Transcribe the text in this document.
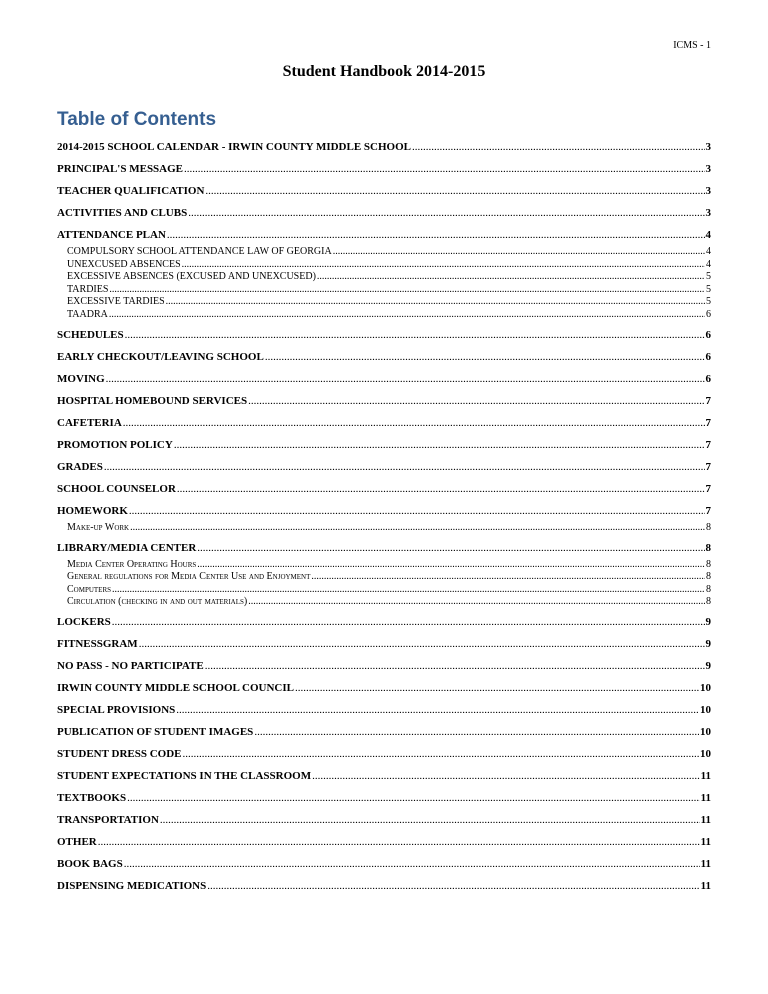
ICMS - 1
Student Handbook 2014-2015
Table of Contents
2014-2015 SCHOOL CALENDAR - IRWIN COUNTY MIDDLE SCHOOL .....	3
PRINCIPAL'S MESSAGE .....	3
TEACHER QUALIFICATION .....	3
ACTIVITIES AND CLUBS .....	3
ATTENDANCE PLAN .....	4
COMPULSORY SCHOOL ATTENDANCE LAW OF GEORGIA .....	4
UNEXCUSED ABSENCES .....	4
EXCESSIVE ABSENCES (EXCUSED AND UNEXCUSED) .....	5
TARDIES .....	5
EXCESSIVE TARDIES .....	5
TAADRA .....	6
SCHEDULES .....	6
EARLY CHECKOUT/LEAVING SCHOOL .....	6
MOVING .....	6
HOSPITAL HOMEBOUND SERVICES .....	7
CAFETERIA .....	7
PROMOTION POLICY .....	7
GRADES .....	7
SCHOOL COUNSELOR .....	7
HOMEWORK .....	7
Make-up Work .....	8
LIBRARY/MEDIA CENTER .....	8
Media Center Operating Hours .....	8
General regulations for Media Center Use and Enjoyment .....	8
Computers .....	8
Circulation (checking in and out materials) .....	8
LOCKERS .....	9
FITNESSGRAM .....	9
NO PASS - NO PARTICIPATE .....	9
IRWIN COUNTY MIDDLE SCHOOL COUNCIL .....	10
SPECIAL PROVISIONS .....	10
PUBLICATION OF STUDENT IMAGES .....	10
STUDENT DRESS CODE .....	10
STUDENT EXPECTATIONS IN THE CLASSROOM .....	11
TEXTBOOKS .....	11
TRANSPORTATION .....	11
OTHER .....	11
BOOK BAGS .....	11
DISPENSING MEDICATIONS .....	11
